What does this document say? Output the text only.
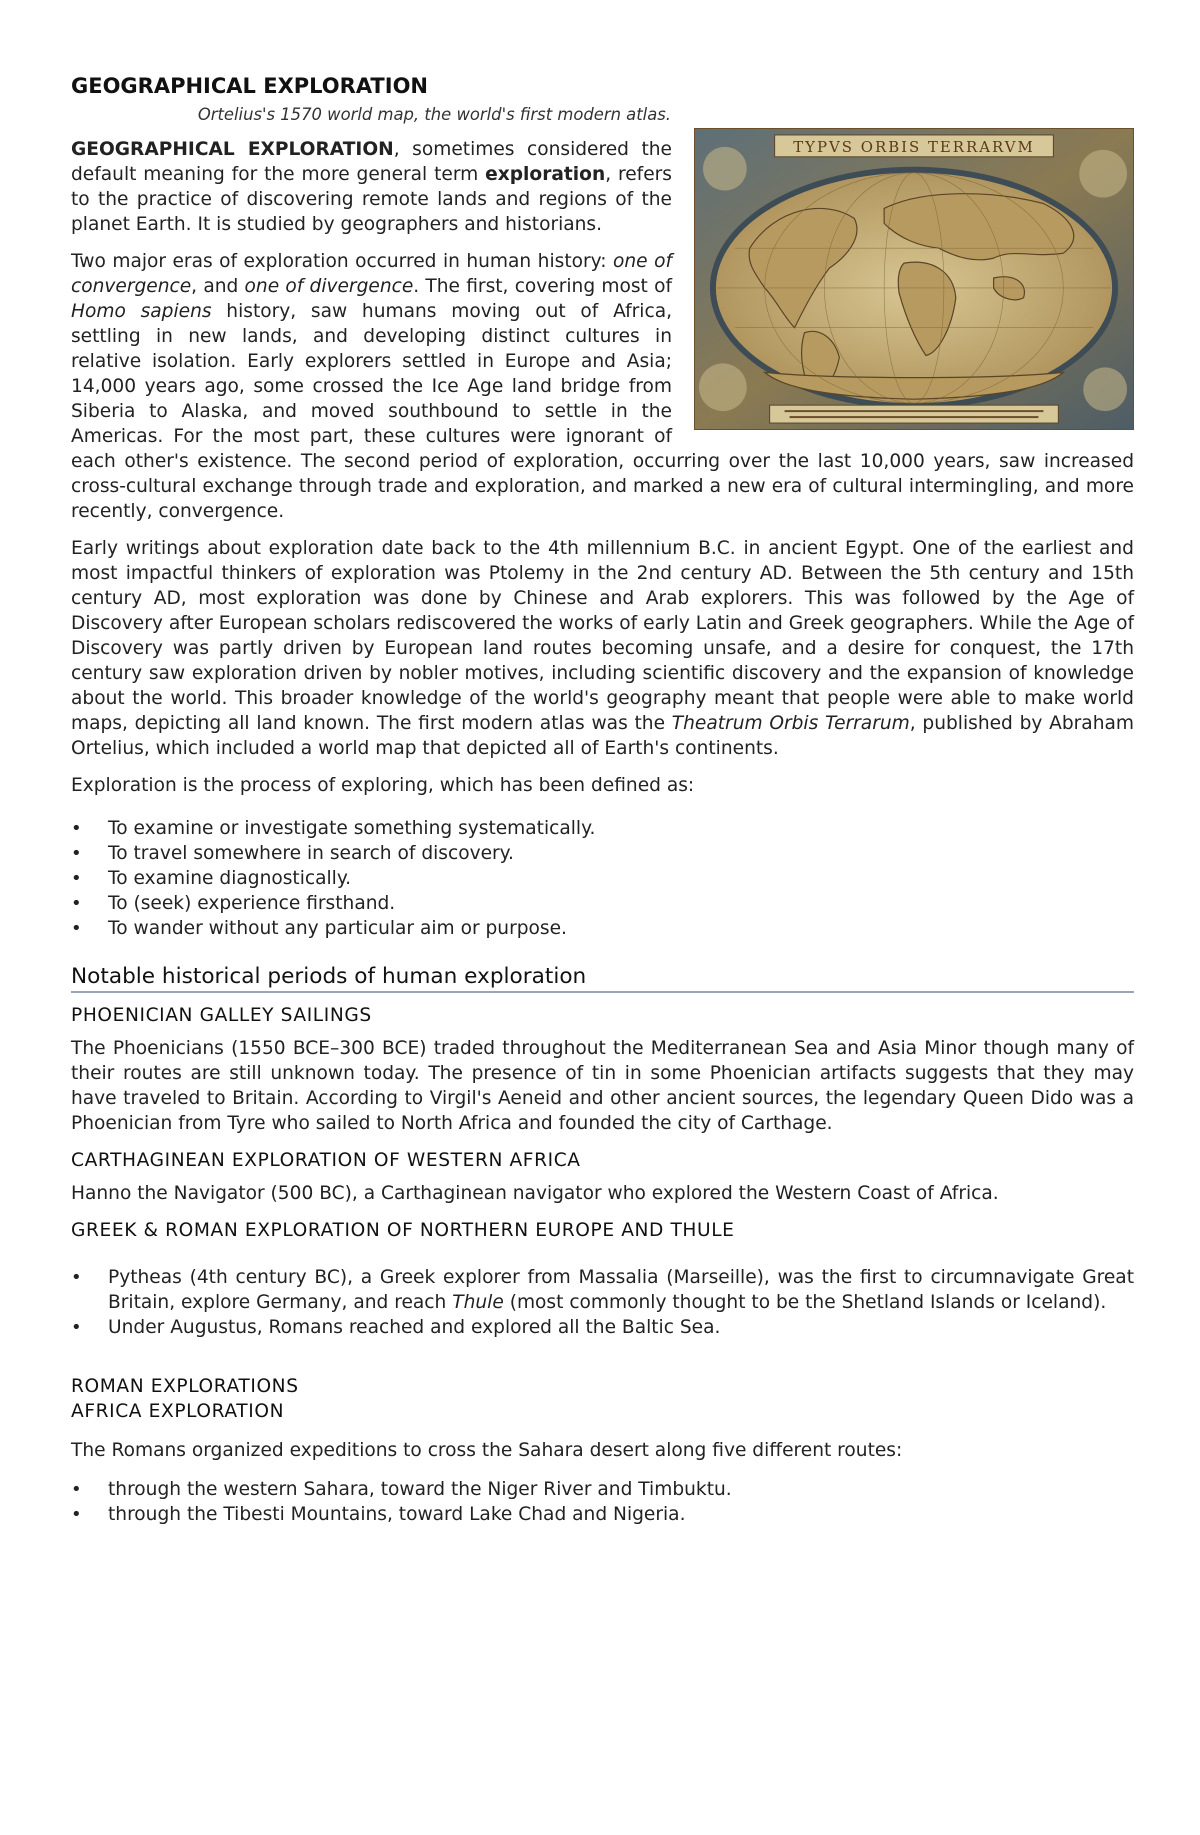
GEOGRAPHICAL EXPLORATION
TYPVS ORBIS TERRARVM
Ortelius's 1570 world map, the world's first modern atlas.

GEOGRAPHICAL EXPLORATION, sometimes considered the default meaning for the more general term exploration, refers to the practice of discovering remote lands and regions of the planet Earth. It is studied by geographers and historians.

Two major eras of exploration occurred in human history: one of convergence, and one of divergence. The first, covering most of Homo sapiens history, saw humans moving out of Africa, settling in new lands, and developing distinct cultures in relative isolation. Early explorers settled in Europe and Asia; 14,000 years ago, some crossed the Ice Age land bridge from Siberia to Alaska, and moved southbound to settle in the Americas. For the most part, these cultures were ignorant of each other's existence. The second period of exploration, occurring over the last 10,000 years, saw increased cross-cultural exchange through trade and exploration, and marked a new era of cultural intermingling, and more recently, convergence.

Early writings about exploration date back to the 4th millennium B.C. in ancient Egypt. One of the earliest and most impactful thinkers of exploration was Ptolemy in the 2nd century AD. Between the 5th century and 15th century AD, most exploration was done by Chinese and Arab explorers. This was followed by the Age of Discovery after European scholars rediscovered the works of early Latin and Greek geographers. While the Age of Discovery was partly driven by European land routes becoming unsafe, and a desire for conquest, the 17th century saw exploration driven by nobler motives, including scientific discovery and the expansion of knowledge about the world. This broader knowledge of the world's geography meant that people were able to make world maps, depicting all land known. The first modern atlas was the Theatrum Orbis Terrarum, published by Abraham Ortelius, which included a world map that depicted all of Earth's continents.

Exploration is the process of exploring, which has been defined as:

• To examine or investigate something systematically.
• To travel somewhere in search of discovery.
• To examine diagnostically.
• To (seek) experience firsthand.
• To wander without any particular aim or purpose.
Notable historical periods of human exploration
PHOENICIAN GALLEY SAILINGS

The Phoenicians (1550 BCE–300 BCE) traded throughout the Mediterranean Sea and Asia Minor though many of their routes are still unknown today. The presence of tin in some Phoenician artifacts suggests that they may have traveled to Britain. According to Virgil's Aeneid and other ancient sources, the legendary Queen Dido was a Phoenician from Tyre who sailed to North Africa and founded the city of Carthage.

CARTHAGINEAN EXPLORATION OF WESTERN AFRICA

Hanno the Navigator (500 BC), a Carthaginean navigator who explored the Western Coast of Africa.

GREEK & ROMAN EXPLORATION OF NORTHERN EUROPE AND THULE
• Pytheas (4th century BC), a Greek explorer from Massalia (Marseille), was the first to circumnavigate Great Britain, explore Germany, and reach Thule (most commonly thought to be the Shetland Islands or Iceland).
• Under Augustus, Romans reached and explored all the Baltic Sea.
ROMAN EXPLORATIONS
AFRICA EXPLORATION

The Romans organized expeditions to cross the Sahara desert along five different routes:

• through the western Sahara, toward the Niger River and Timbuktu.
• through the Tibesti Mountains, toward Lake Chad and Nigeria.
